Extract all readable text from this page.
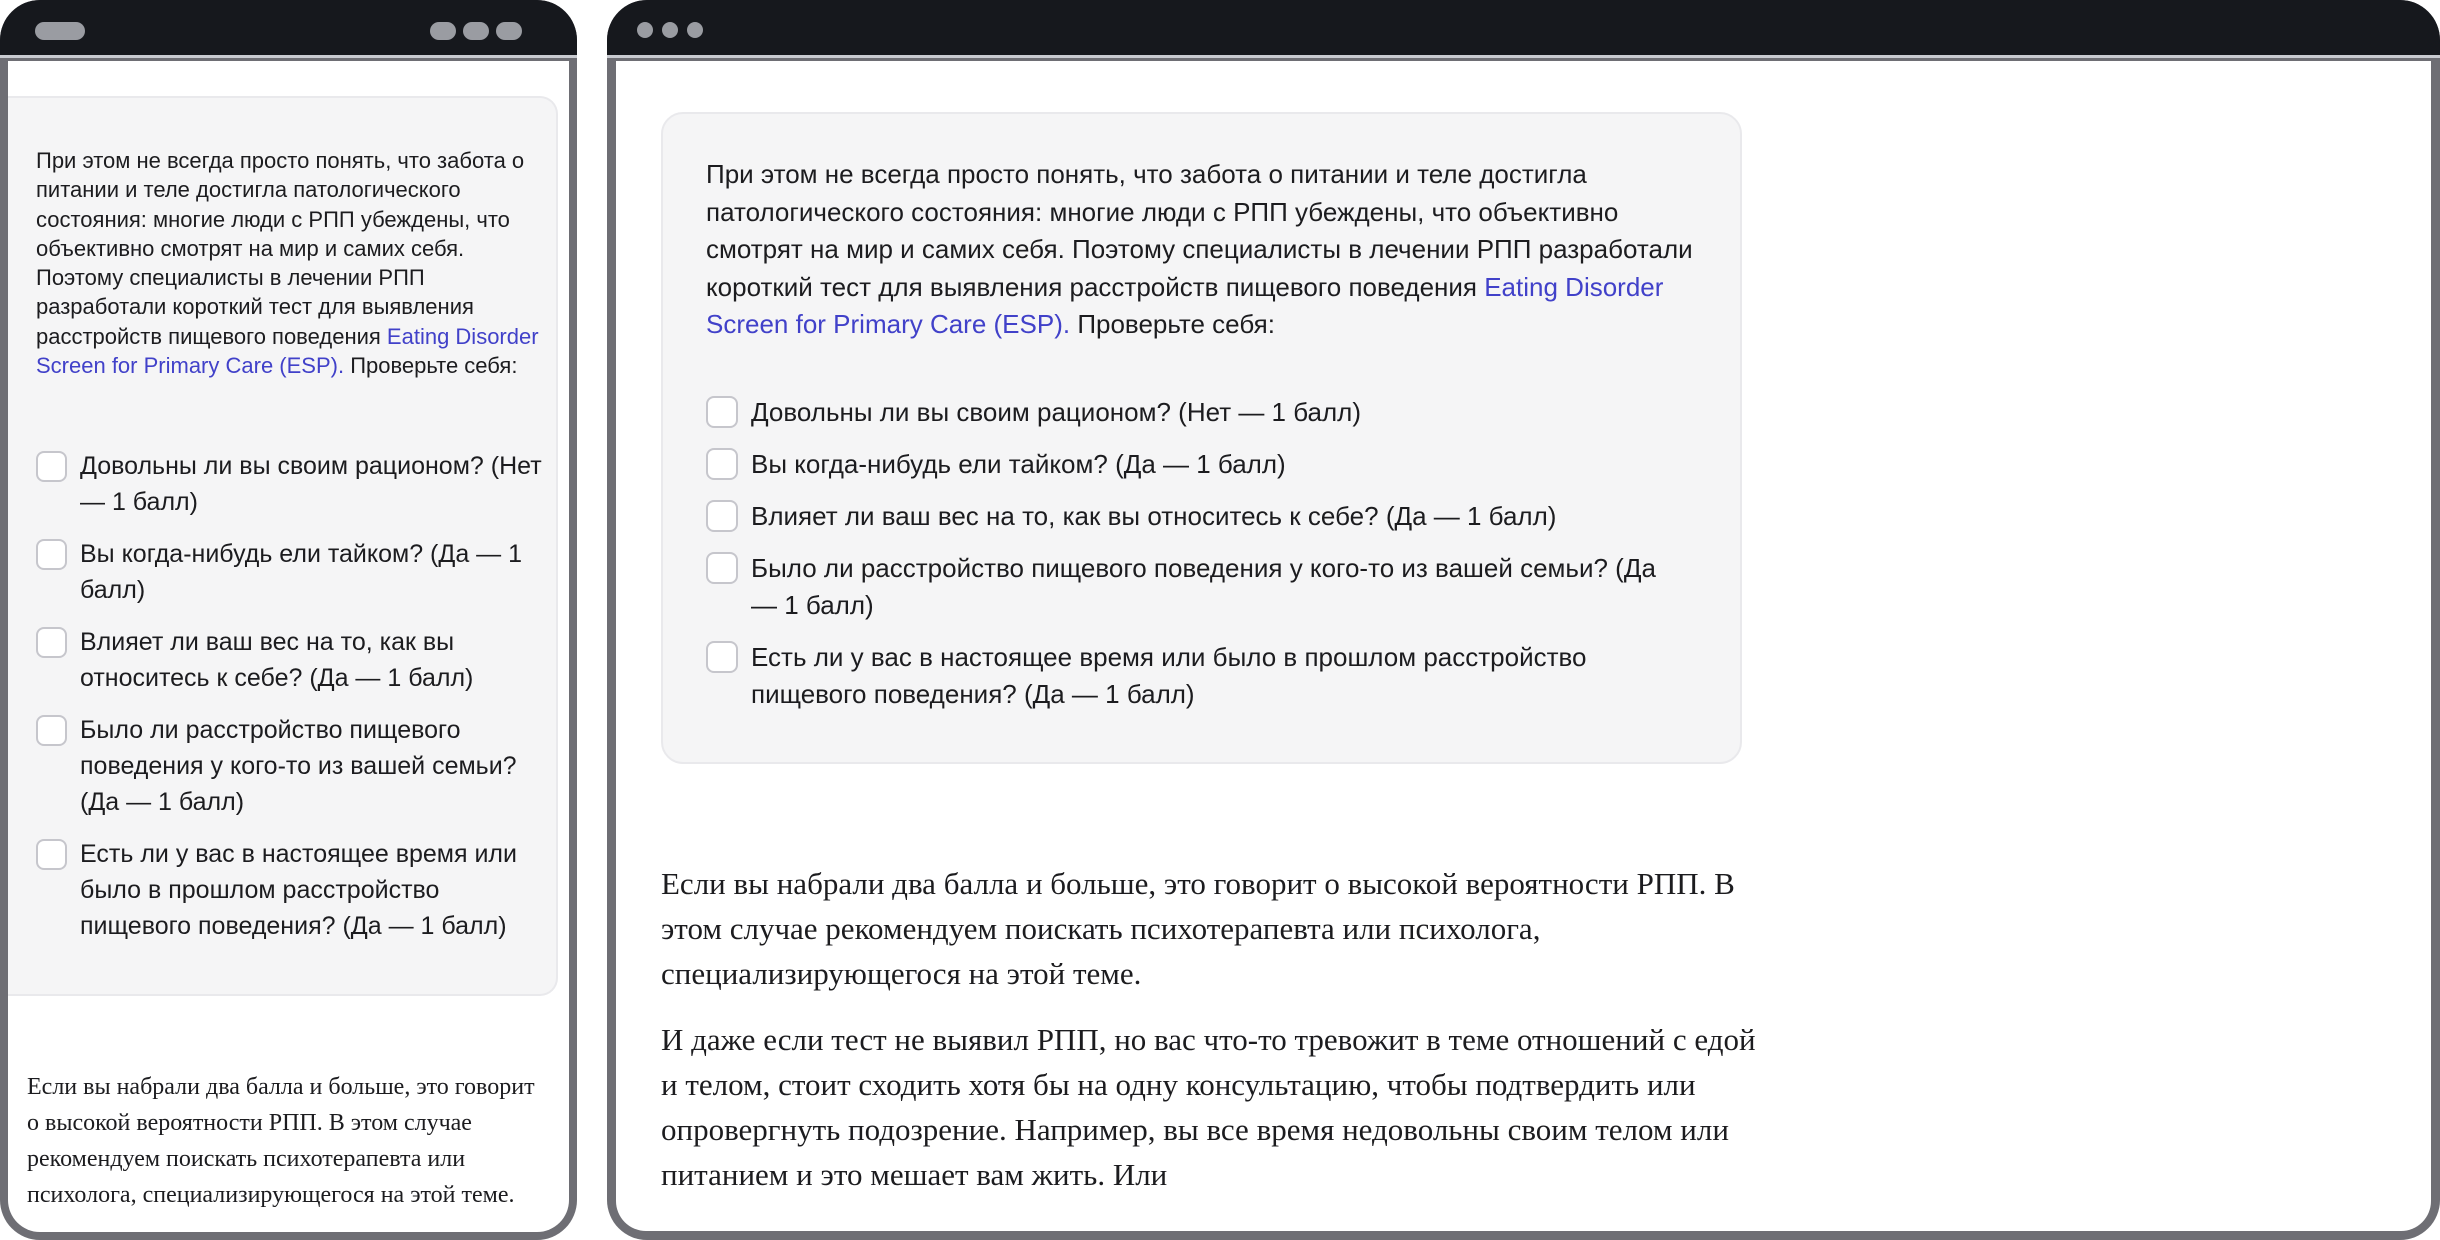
При этом не всегда просто понять, что забота о питании и теле достигла патологического состояния: многие люди с РПП убеждены, что объективно смотрят на мир и самих себя. Поэтому специалисты в лечении РПП разработали короткий тест для выявления расстройств пищевого поведения Eating Disorder Screen for Primary Care (ESP). Проверьте себя:

Довольны ли вы своим рационом? (Нет — 1 балл)
Вы когда-нибудь ели тайком? (Да — 1 балл)
Влияет ли ваш вес на то, как вы относитесь к себе? (Да — 1 балл)
Было ли расстройство пищевого поведения у кого-то из вашей семьи? (Да — 1 балл)
Есть ли у вас в настоящее время или было в прошлом расстройство пищевого поведения? (Да — 1 балл)

Если вы набрали два балла и больше, это говорит о высокой вероятности РПП. В этом случае рекомендуем поискать психотерапевта или психолога, специализирующегося на этой теме.

При этом не всегда просто понять, что забота о питании и теле достигла патологического состояния: многие люди с РПП убеждены, что объективно смотрят на мир и самих себя. Поэтому специалисты в лечении РПП разработали короткий тест для выявления расстройств пищевого поведения Eating Disorder Screen for Primary Care (ESP). Проверьте себя:

Довольны ли вы своим рационом? (Нет — 1 балл)
Вы когда-нибудь ели тайком? (Да — 1 балл)
Влияет ли ваш вес на то, как вы относитесь к себе? (Да — 1 балл)
Было ли расстройство пищевого поведения у кого-то из вашей семьи? (Да — 1 балл)
Есть ли у вас в настоящее время или было в прошлом расстройство пищевого поведения? (Да — 1 балл)

Если вы набрали два балла и больше, это говорит о высокой вероятности РПП. В этом случае рекомендуем поискать психотерапевта или психолога, специализирующегося на этой теме.

И даже если тест не выявил РПП, но вас что-то тревожит в теме отношений с едой и телом, стоит сходить хотя бы на одну консультацию, чтобы подтвердить или опровергнуть подозрение. Например, вы все время недовольны своим телом или питанием и это мешает вам жить. Или
